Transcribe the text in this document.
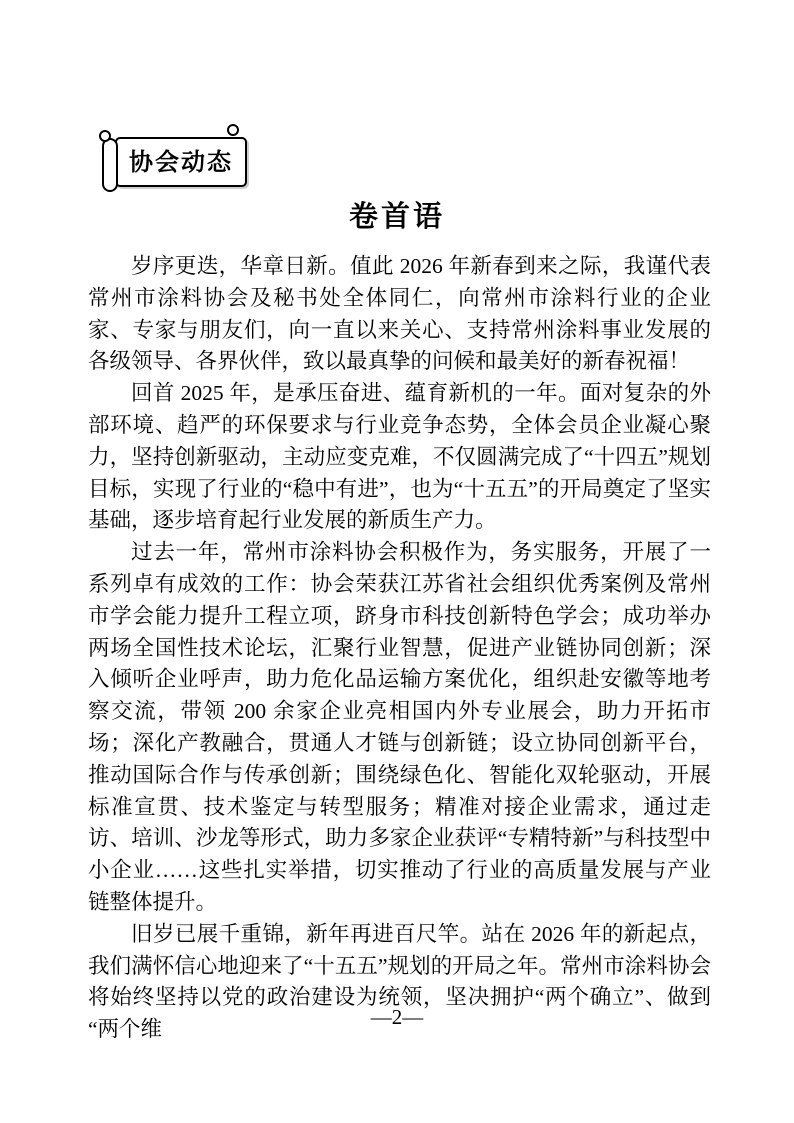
协会动态
卷首语

岁序更迭，华章日新。值此 2026 年新春到来之际，我谨代表常州市涂料协会及秘书处全体同仁，向常州市涂料行业的企业家、专家与朋友们，向一直以来关心、支持常州涂料事业发展的各级领导、各界伙伴，致以最真挚的问候和最美好的新春祝福！

回首 2025 年，是承压奋进、蕴育新机的一年。面对复杂的外部环境、趋严的环保要求与行业竞争态势，全体会员企业凝心聚力，坚持创新驱动，主动应变克难，不仅圆满完成了“十四五”规划目标，实现了行业的“稳中有进”，也为“十五五”的开局奠定了坚实基础，逐步培育起行业发展的新质生产力。

过去一年，常州市涂料协会积极作为，务实服务，开展了一系列卓有成效的工作：协会荣获江苏省社会组织优秀案例及常州市学会能力提升工程立项，跻身市科技创新特色学会；成功举办两场全国性技术论坛，汇聚行业智慧，促进产业链协同创新；深入倾听企业呼声，助力危化品运输方案优化，组织赴安徽等地考察交流，带领 200 余家企业亮相国内外专业展会，助力开拓市场；深化产教融合，贯通人才链与创新链；设立协同创新平台，推动国际合作与传承创新；围绕绿色化、智能化双轮驱动，开展标准宣贯、技术鉴定与转型服务；精准对接企业需求，通过走访、培训、沙龙等形式，助力多家企业获评“专精特新”与科技型中小企业……这些扎实举措，切实推动了行业的高质量发展与产业链整体提升。

旧岁已展千重锦，新年再进百尺竿。站在 2026 年的新起点，我们满怀信心地迎来了“十五五”规划的开局之年。常州市涂料协会将始终坚持以党的政治建设为统领，坚决拥护“两个确立”、做到“两个维

—2—
